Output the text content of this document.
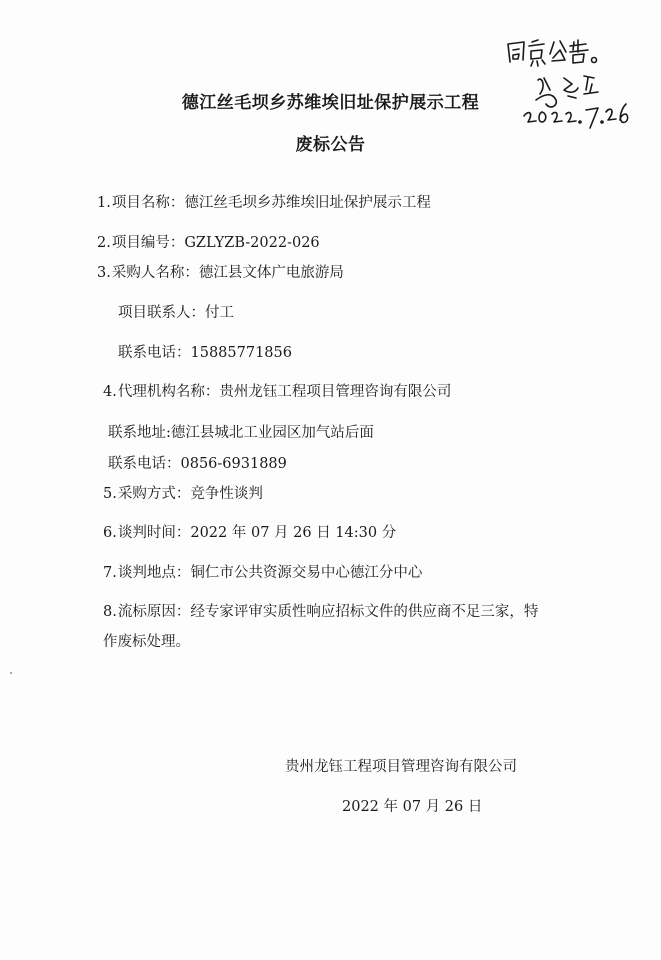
德江丝毛坝乡苏维埃旧址保护展示工程
废标公告
1.项目名称：德江丝毛坝乡苏维埃旧址保护展示工程
2.项目编号：GZLYZB-2022-026
3.采购人名称：德江县文体广电旅游局
项目联系人：付工
联系电话：15885771856
4.代理机构名称：贵州龙钰工程项目管理咨询有限公司
联系地址:德江县城北工业园区加气站后面
联系电话：0856-6931889
5.采购方式：竞争性谈判
6.谈判时间：2022 年 07 月 26 日 14:30 分
7.谈判地点：铜仁市公共资源交易中心德江分中心
8.流标原因：经专家评审实质性响应招标文件的供应商不足三家，特
作废标处理。
贵州龙钰工程项目管理咨询有限公司
2022 年 07 月 26 日
